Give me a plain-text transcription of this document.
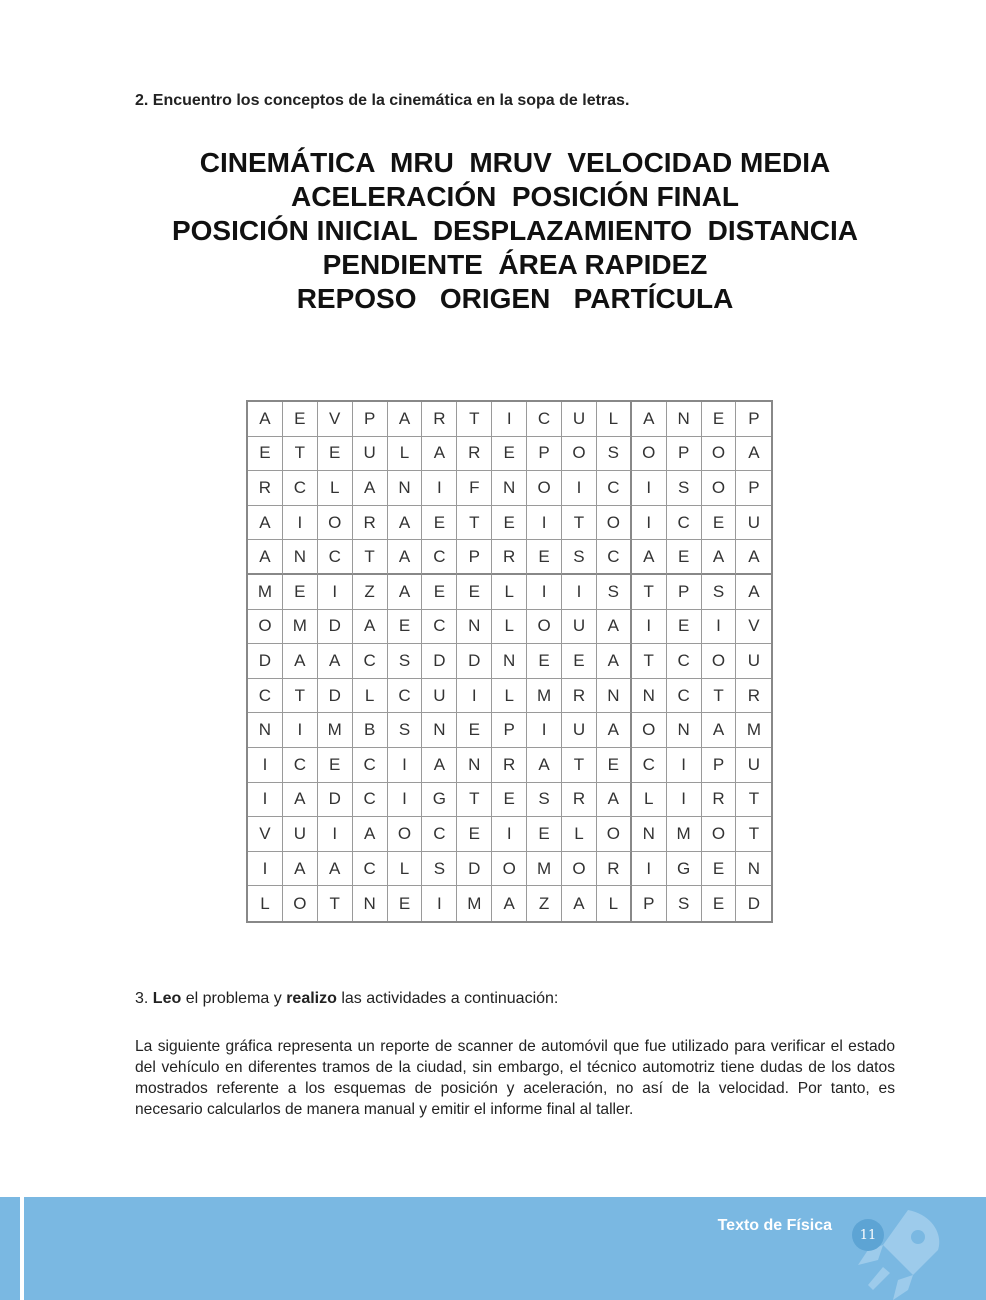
2. Encuentro los conceptos de la cinemática en la sopa de letras.
CINEMÁTICA  MRU  MRUV  VELOCIDAD MEDIA
ACELERACIÓN  POSICIÓN FINAL
POSICIÓN INICIAL  DESPLAZAMIENTO  DISTANCIA
PENDIENTE  ÁREA RAPIDEZ
REPOSO   ORIGEN   PARTÍCULA
A	E	V	P	A	R	T	I	C	U	L	A	N	E	P
E	T	E	U	L	A	R	E	P	O	S	O	P	O	A
R	C	L	A	N	I	F	N	O	I	C	I	S	O	P
A	I	O	R	A	E	T	E	I	T	O	I	C	E	U
A	N	C	T	A	C	P	R	E	S	C	A	E	A	A
M	E	I	Z	A	E	E	L	I	I	S	T	P	S	A
O	M	D	A	E	C	N	L	O	U	A	I	E	I	V
D	A	A	C	S	D	D	N	E	E	A	T	C	O	U
C	T	D	L	C	U	I	L	M	R	N	N	C	T	R
N	I	M	B	S	N	E	P	I	U	A	O	N	A	M
I	C	E	C	I	A	N	R	A	T	E	C	I	P	U
I	A	D	C	I	G	T	E	S	R	A	L	I	R	T
V	U	I	A	O	C	E	I	E	L	O	N	M	O	T
I	A	A	C	L	S	D	O	M	O	R	I	G	E	N
L	O	T	N	E	I	M	A	Z	A	L	P	S	E	D
3. Leo el problema y realizo las actividades a continuación:
La siguiente gráfica representa un reporte de scanner de automóvil que fue utilizado para verificar el estado del vehículo en diferentes tramos de la ciudad, sin embargo, el técnico automotriz tiene dudas de los datos mostrados referente a los esquemas de posición y aceleración, no así de la velocidad. Por tanto, es necesario calcularlos de manera manual y emitir el informe final al taller.
Texto de Física
11
